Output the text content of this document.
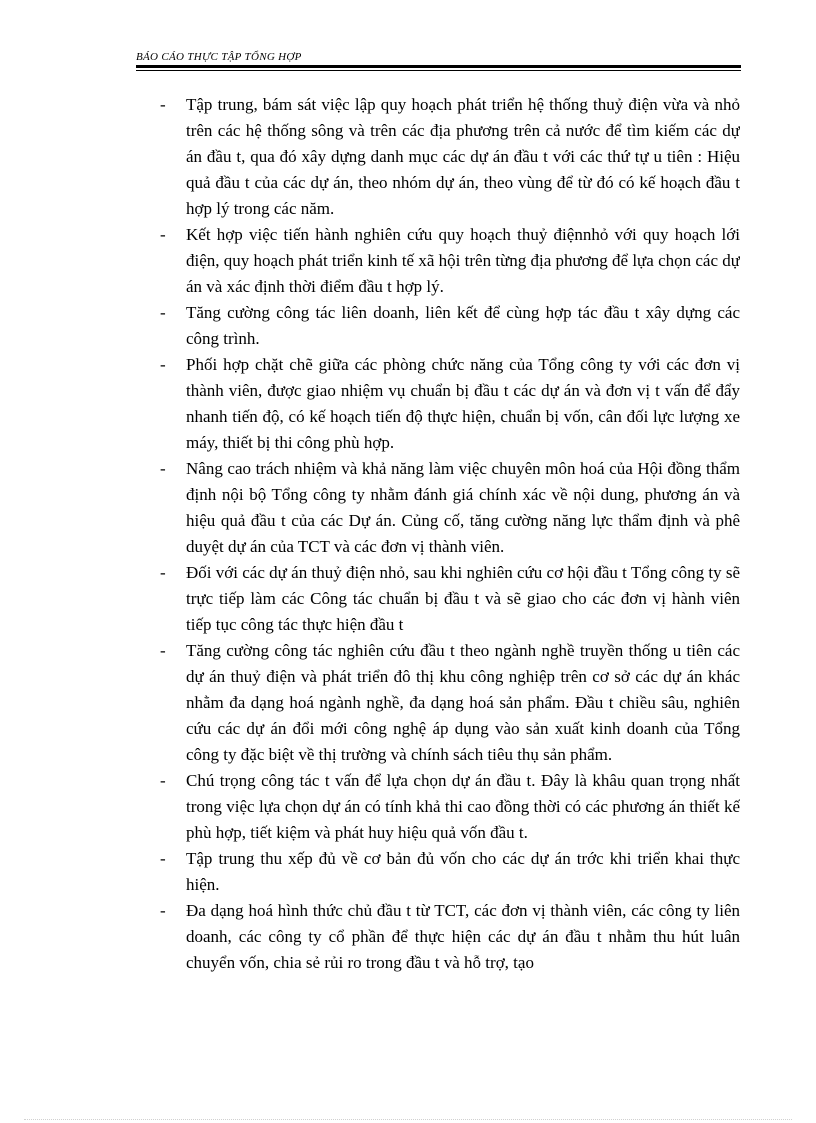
BÁO CÁO THỰC TẬP TỔNG HỢP
-	Tập trung, bám sát việc lập quy hoạch phát triển hệ thống thuỷ điện vừa và nhỏ trên các hệ thống sông và trên các địa phương trên cả nước để tìm kiếm các dự án đầu t, qua đó xây dựng danh mục các dự án đầu t với các thứ tự u tiên : Hiệu quả đầu t của các dự án, theo nhóm dự án, theo vùng để từ đó có kế hoạch đầu t hợp lý trong các năm.
-	Kết hợp việc tiến hành nghiên cứu quy hoạch thuỷ điệnnhỏ với quy hoạch lới điện, quy hoạch phát triển kinh tế xã hội trên từng địa phương để lựa chọn các dự án và xác định thời điểm đầu t hợp lý.
-	Tăng cường công tác liên doanh, liên kết để cùng hợp tác đầu t xây dựng các công trình.
-	Phối hợp chặt chẽ giữa các phòng chức năng của Tổng công ty với các đơn vị thành viên, được giao nhiệm vụ chuẩn bị đầu t các dự án và đơn vị t vấn để đẩy nhanh tiến độ, có kế hoạch tiến độ thực hiện, chuẩn bị vốn, cân đối lực lượng xe máy, thiết bị thi công phù hợp.
-	Nâng cao trách nhiệm và khả năng làm việc chuyên môn hoá của Hội đồng thẩm định nội bộ Tổng công ty nhằm đánh giá chính xác về nội dung, phương án và hiệu quả đầu t của các Dự án. Củng cố, tăng cường năng lực thẩm định và phê duyệt dự án của TCT và các đơn vị thành viên.
-	Đối với các dự án thuỷ điện nhỏ, sau khi nghiên cứu cơ hội đầu t Tổng công ty sẽ trực tiếp làm các Công tác chuẩn bị đầu t và sẽ giao cho các đơn vị hành viên tiếp tục công tác thực hiện đầu t
-	Tăng cường công tác nghiên cứu đầu t theo ngành nghề truyền thống u tiên các dự án thuỷ điện và phát triển đô thị khu công nghiệp trên cơ sở các dự án khác nhằm đa dạng hoá ngành nghề, đa dạng hoá sản phẩm. Đầu t chiều sâu, nghiên cứu các dự án đổi mới công nghệ áp dụng vào sản xuất kinh doanh của Tổng công ty đặc biệt về thị trường và chính sách tiêu thụ sản phẩm.
-	Chú trọng công tác t vấn để lựa chọn dự án đầu t. Đây là khâu quan trọng nhất trong việc lựa chọn dự án có tính khả thi cao đồng thời có các phương án thiết kế phù hợp, tiết kiệm và phát huy hiệu quả vốn đầu t.
-	Tập trung thu xếp đủ về cơ bản đủ vốn cho các dự án trớc khi triển khai thực hiện.
-	Đa dạng hoá hình thức chủ đầu t từ TCT, các đơn vị thành viên, các công ty liên doanh, các công ty cổ phần để thực hiện các dự án đầu t nhằm thu hút luân chuyển vốn, chia sẻ rủi ro trong đầu t và hỗ trợ, tạo
